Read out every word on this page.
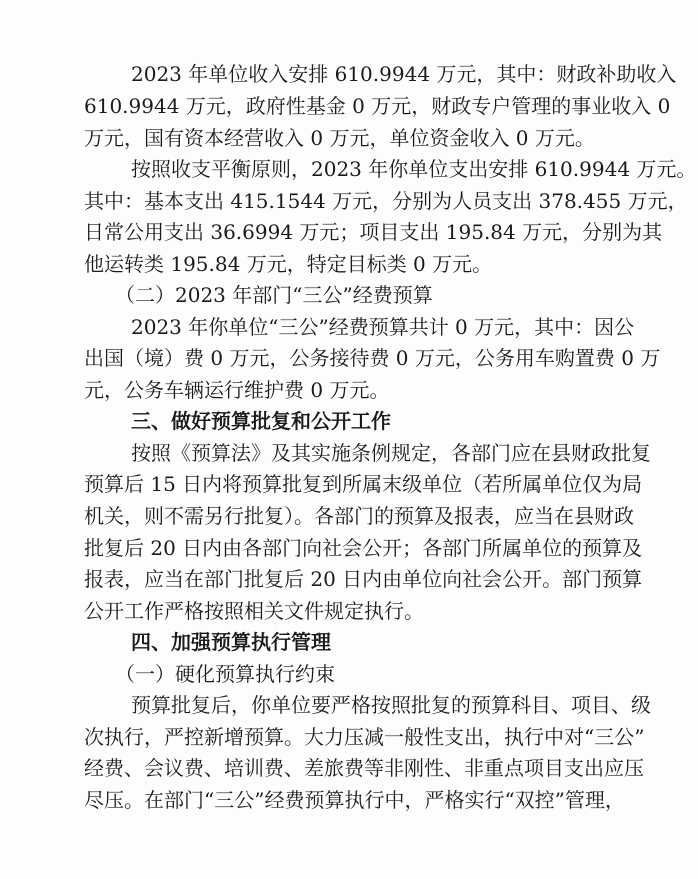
2023 年单位收入安排 610.9944 万元，其中：财政补助收入
610.9944 万元，政府性基金 0 万元，财政专户管理的事业收入 0
万元，国有资本经营收入 0 万元，单位资金收入 0 万元。
按照收支平衡原则，2023 年你单位支出安排 610.9944 万元。
其中：基本支出 415.1544 万元，分别为人员支出 378.455 万元，
日常公用支出 36.6994 万元；项目支出 195.84 万元，分别为其
他运转类 195.84 万元，特定目标类 0 万元。
（二）2023 年部门“三公”经费预算
2023 年你单位“三公”经费预算共计 0 万元，其中：因公
出国（境）费 0 万元，公务接待费 0 万元，公务用车购置费 0 万
元，公务车辆运行维护费 0 万元。
三、做好预算批复和公开工作
按照《预算法》及其实施条例规定，各部门应在县财政批复
预算后 15 日内将预算批复到所属末级单位（若所属单位仅为局
机关，则不需另行批复）。各部门的预算及报表，应当在县财政
批复后 20 日内由各部门向社会公开；各部门所属单位的预算及
报表，应当在部门批复后 20 日内由单位向社会公开。部门预算
公开工作严格按照相关文件规定执行。
四、加强预算执行管理
（一）硬化预算执行约束
预算批复后，你单位要严格按照批复的预算科目、项目、级
次执行，严控新增预算。大力压减一般性支出，执行中对“三公”
经费、会议费、培训费、差旅费等非刚性、非重点项目支出应压
尽压。在部门“三公”经费预算执行中，严格实行“双控”管理，
